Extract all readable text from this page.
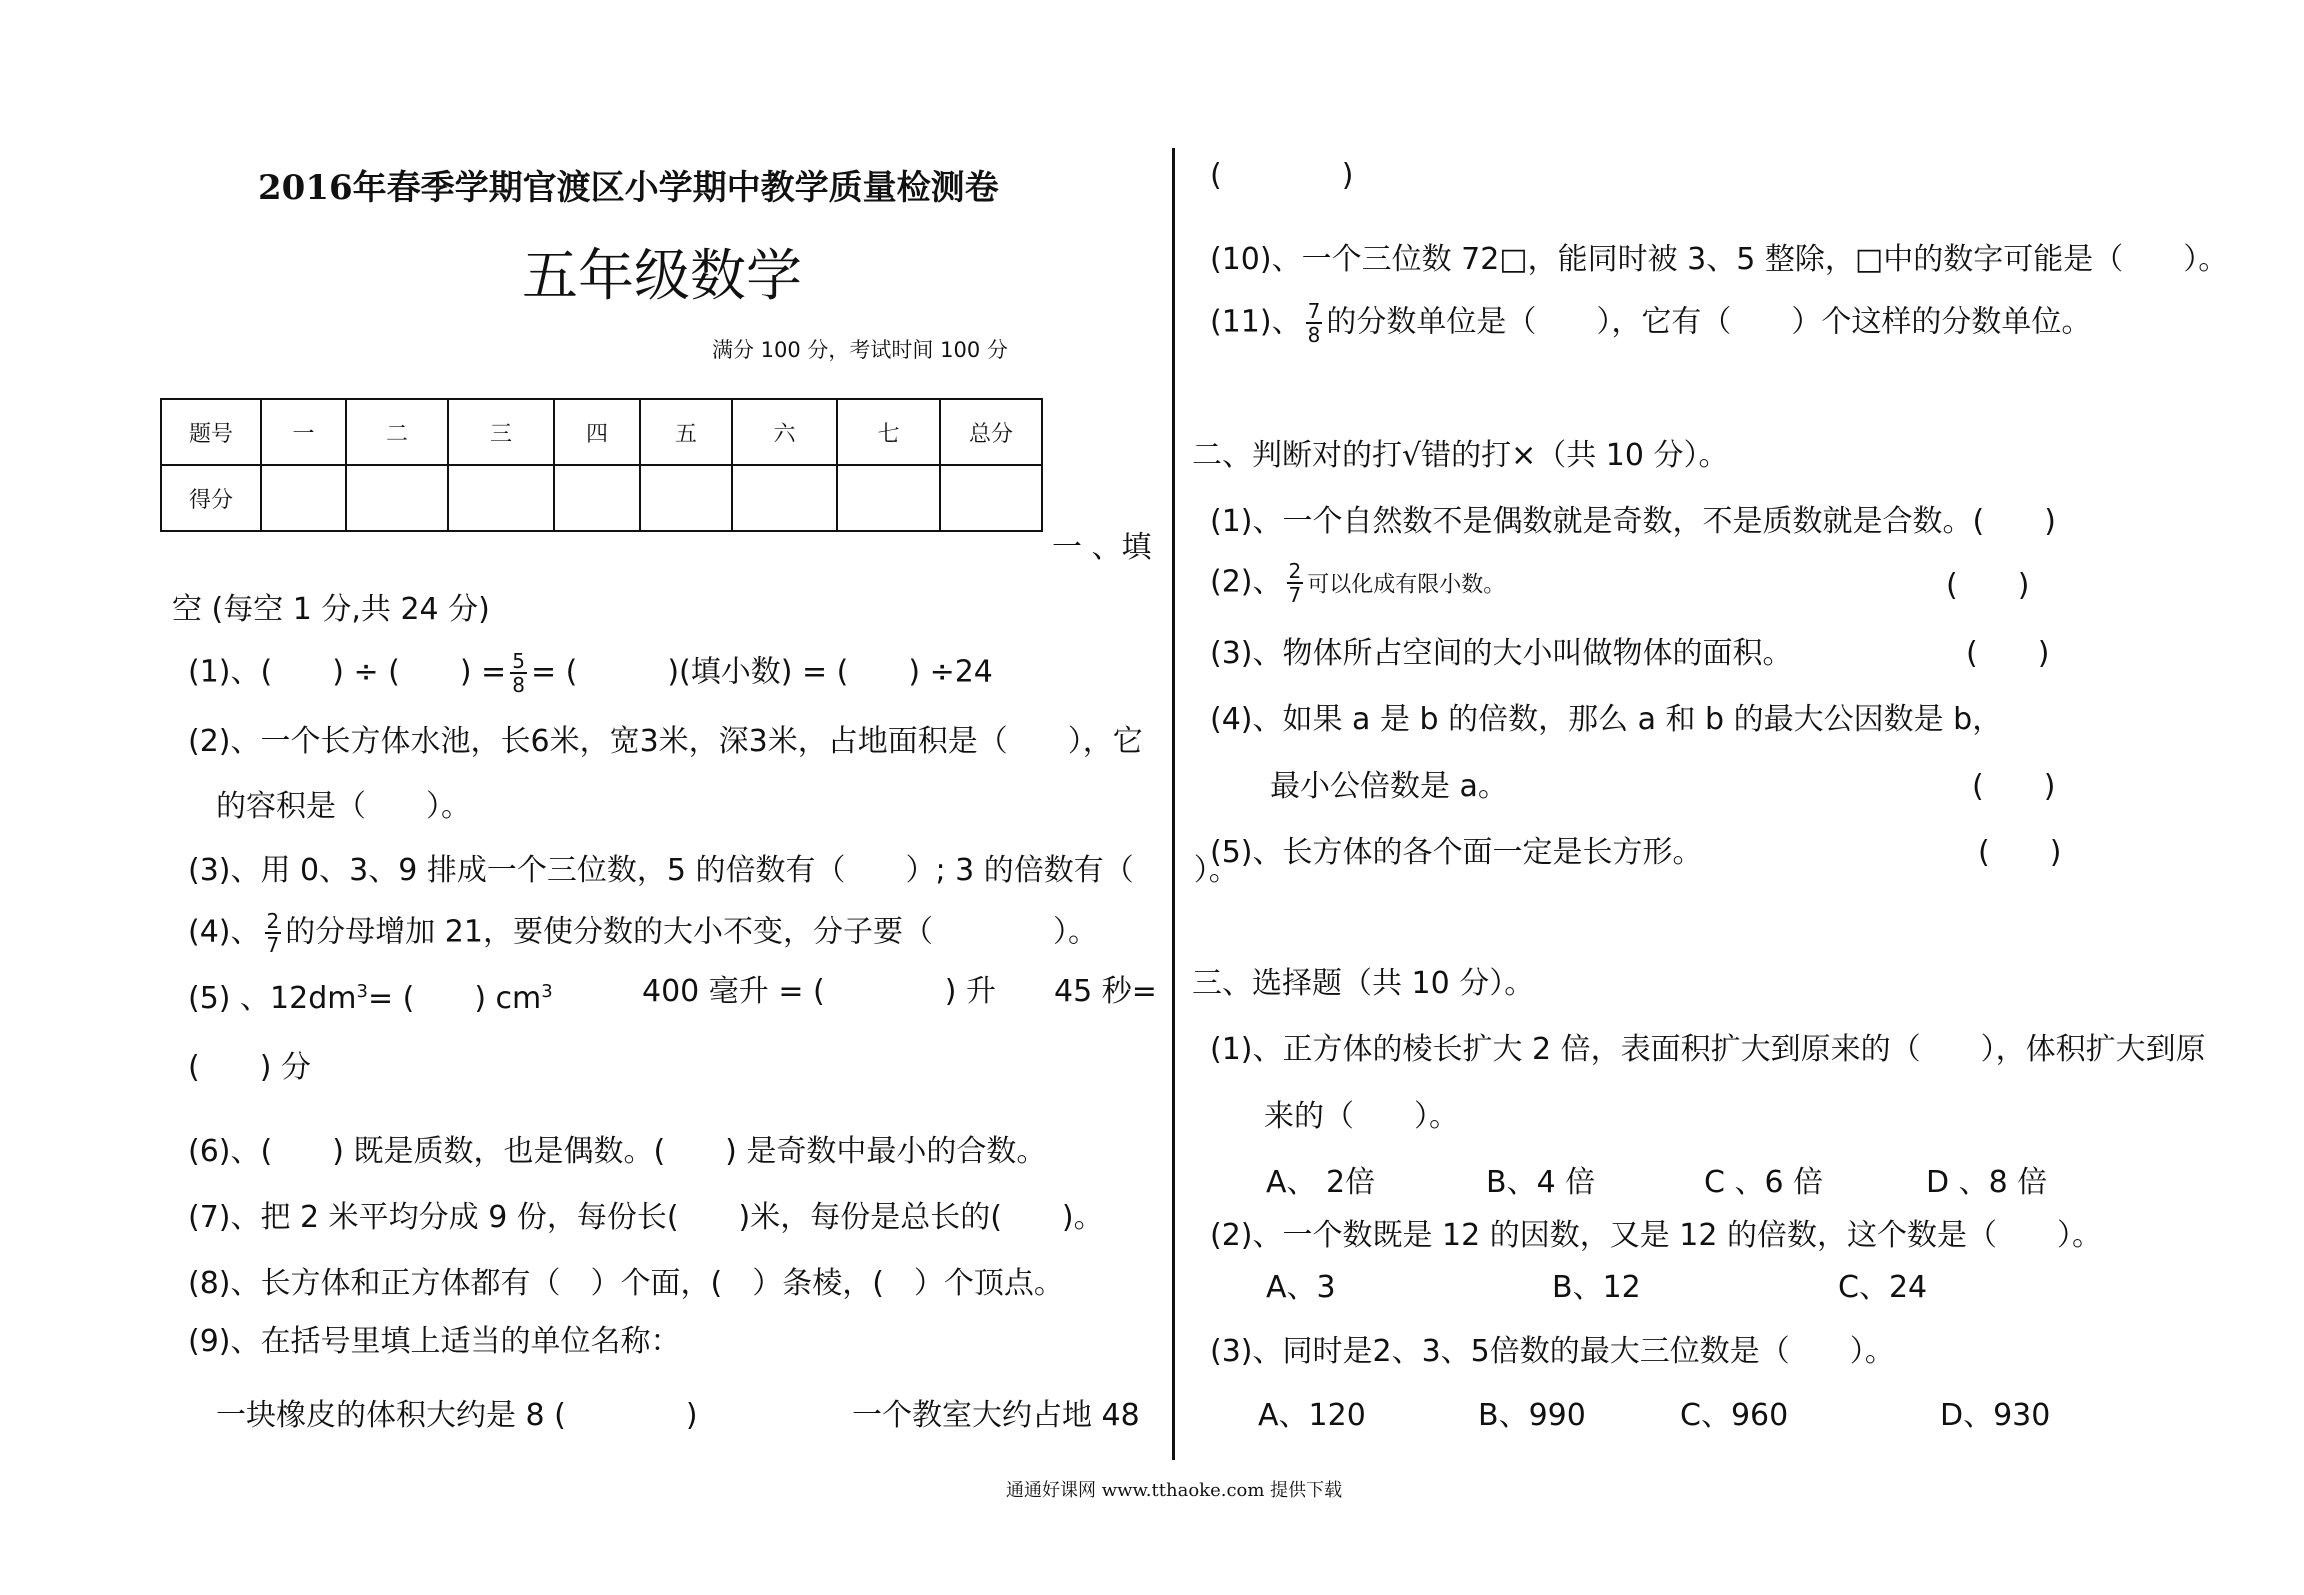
2016年春季学期官渡区小学期中教学质量检测卷
五年级数学
满分 100 分，考试时间 100 分
题号	一	二	三	四	五	六	七	总分
得分								
一 、填
空 (每空 1 分,共 24 分)
(1)、(　　) ÷ (　　) = $\frac{5}{8}$ = (　　　)(填小数) = (　　) ÷24
(2)、一个长方体水池，长6米，宽3米，深3米，占地面积是（　　），它
的容积是（　　）。
(3)、用 0、3、9 排成一个三位数，5 的倍数有（　　）; 3 的倍数有（　　）。
(4)、 $\frac{2}{7}$ 的分母增加 21，要使分数的大小不变，分子要（　　　　）。
(5) 、$12dm^3=$ (　　) $cm^3$	400 毫升 = (　　　　) 升 45 秒=
(　　) 分
(6)、(　　) 既是质数，也是偶数。(　　) 是奇数中最小的合数。
(7)、把 2 米平均分成 9 份，每份长(　　)米，每份是总长的(　　)。
(8)、长方体和正方体都有（　）个面，(　）条棱，(　）个顶点。
(9)、在括号里填上适当的单位名称：
一块橡皮的体积大约是 8 (　　　　)	一个教室大约占地 48
(　　　　)
(10)、一个三位数 72□，能同时被 3、5 整除，□中的数字可能是（　　）。
(11)、 $\frac{7}{8}$ 的分数单位是（　　），它有（　　）个这样的分数单位。
二、判断对的打√错的打×（共 10 分）。
(1)、一个自然数不是偶数就是奇数，不是质数就是合数。(　　)
(2)、 $\frac{2}{7}$ 可以化成有限小数。	(　　)
(3)、物体所占空间的大小叫做物体的面积。	(　　)
(4)、如果 a 是 b 的倍数，那么 a 和 b 的最大公因数是 b，
最小公倍数是 a。	(　　)
(5)、长方体的各个面一定是长方形。	(　　)
三、选择题（共 10 分）。
(1)、正方体的棱长扩大 2 倍，表面积扩大到原来的（　　），体积扩大到原
来的（　　）。
A、 2倍	B、4 倍	C 、6 倍	D 、8 倍
(2)、一个数既是 12 的因数，又是 12 的倍数，这个数是（　　）。
A、3	B、12	C、24
(3)、同时是2、3、5倍数的最大三位数是（　　）。
A、120	B、990	C、960	D、930
通通好课网 www.tthaoke.com 提供下载
